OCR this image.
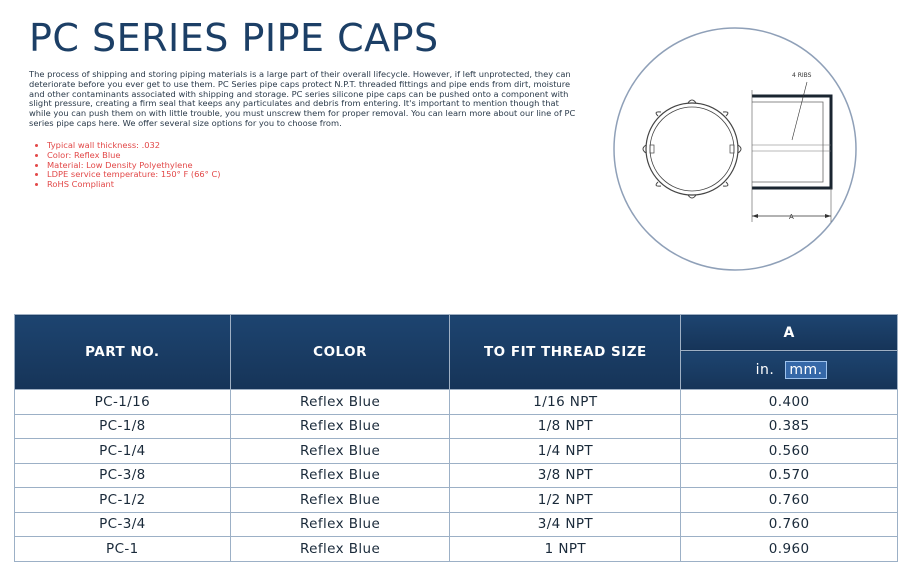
PC SERIES PIPE CAPS

The process of shipping and storing piping materials is a large part of their overall lifecycle. However, if left unprotected, they can deteriorate before you ever get to use them. PC Series pipe caps protect N.P.T. threaded fittings and pipe ends from dirt, moisture and other contaminants associated with shipping and storage. PC series silicone pipe caps can be pushed onto a component with slight pressure, creating a firm seal that keeps any particulates and debris from entering. It's important to mention though that while you can push them on with little trouble, you must unscrew them for proper removal. You can learn more about our line of PC series pipe caps here. We offer several size options for you to choose from.

• Typical wall thickness: .032
• Color: Reflex Blue
• Material: Low Density Polyethylene
• LDPE service temperature: 150° F (66° C)
• RoHS Compliant
4 RIBS
A
PART NO.	COLOR	TO FIT THREAD SIZE	A
			in. mm.
PC-1/16	Reflex Blue	1/16 NPT	0.400
PC-1/8	Reflex Blue	1/8 NPT	0.385
PC-1/4	Reflex Blue	1/4 NPT	0.560
PC-3/8	Reflex Blue	3/8 NPT	0.570
PC-1/2	Reflex Blue	1/2 NPT	0.760
PC-3/4	Reflex Blue	3/4 NPT	0.760
PC-1	Reflex Blue	1 NPT	0.960
